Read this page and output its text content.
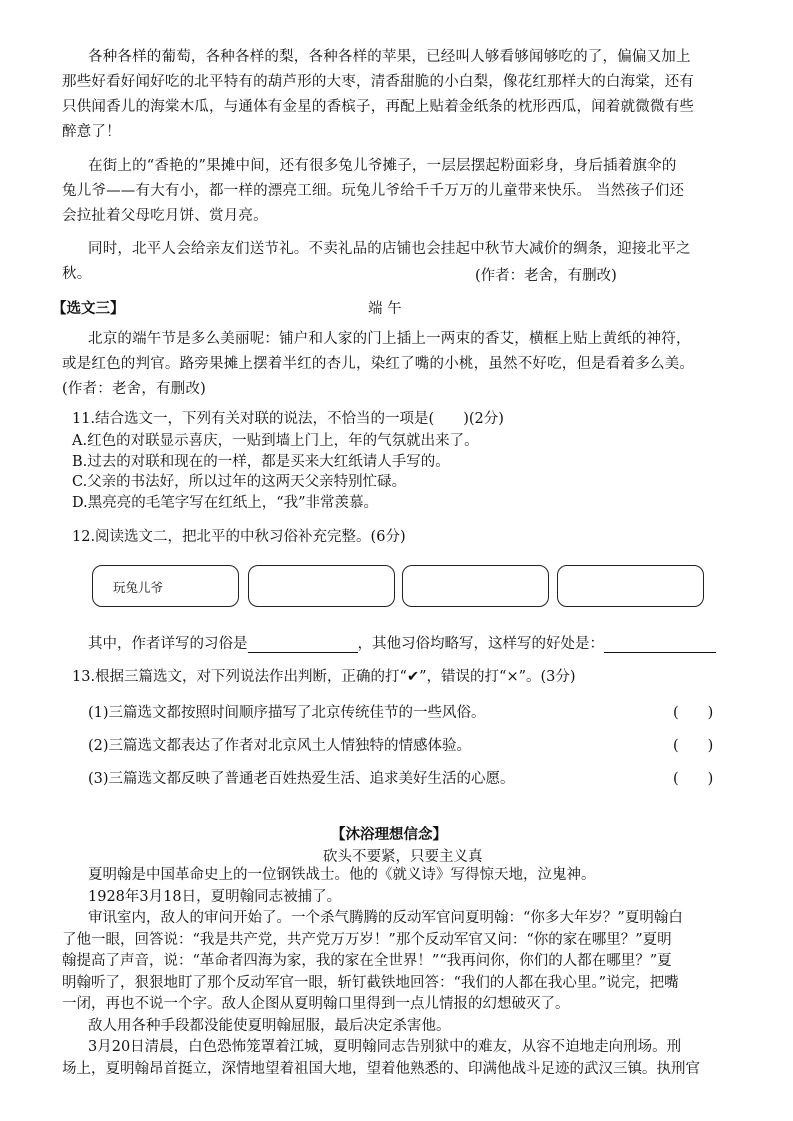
各种各样的葡萄，各种各样的梨，各种各样的苹果，已经叫人够看够闻够吃的了，偏偏又加上
那些好看好闻好吃的北平特有的葫芦形的大枣，清香甜脆的小白梨，像花红那样大的白海棠，还有
只供闻香儿的海棠木瓜，与通体有金星的香槟子，再配上贴着金纸条的枕形西瓜，闻着就微微有些
醉意了！
在街上的“香艳的”果摊中间，还有很多兔儿爷摊子，一层层摆起粉面彩身，身后插着旗伞的
兔儿爷——有大有小，都一样的漂亮工细。玩兔儿爷给千千万万的儿童带来快乐。 当然孩子们还
会拉扯着父母吃月饼、赏月亮。
同时，北平人会给亲友们送节礼。不卖礼品的店铺也会挂起中秋节大减价的绸条，迎接北平之
秋。	(作者：老舍，有删改)
【选文三】	端 午
北京的端午节是多么美丽呢：铺户和人家的门上插上一两束的香艾，横框上贴上黄纸的神符，
或是红色的判官。路旁果摊上摆着半红的杏儿，染红了嘴的小桃，虽然不好吃，但是看着多么美。
(作者：老舍，有删改)
11.结合选文一，下列有关对联的说法，不恰当的一项是(　　)(2分)
A.红色的对联显示喜庆，一贴到墙上门上，年的气氛就出来了。
B.过去的对联和现在的一样，都是买来大红纸请人手写的。
C.父亲的书法好，所以过年的这两天父亲特别忙碌。
D.黑亮亮的毛笔字写在红纸上，“我”非常羡慕。
12.阅读选文二，把北平的中秋习俗补充完整。(6分)
玩兔儿爷
其中，作者详写的习俗是	，其他习俗均略写，这样写的好处是：
13.根据三篇选文，对下列说法作出判断，正确的打“✔”，错误的打“×”。(3分)
(1)三篇选文都按照时间顺序描写了北京传统佳节的一些风俗。	(　　)
(2)三篇选文都表达了作者对北京风土人情独特的情感体验。	(　　)
(3)三篇选文都反映了普通老百姓热爱生活、追求美好生活的心愿。	(　　)
【沐浴理想信念】
砍头不要紧，只要主义真
夏明翰是中国革命史上的一位钢铁战士。他的《就义诗》写得惊天地，泣鬼神。
1928年3月18日，夏明翰同志被捕了。
审讯室内，敌人的审问开始了。一个杀气腾腾的反动军官问夏明翰：“你多大年岁？”夏明翰白
了他一眼，回答说：“我是共产党，共产党万万岁！”那个反动军官又问：“你的家在哪里？”夏明
翰提高了声音，说：“革命者四海为家，我的家在全世界！”“我再问你，你们的人都在哪里？”夏
明翰听了，狠狠地盯了那个反动军官一眼，斩钉截铁地回答：“我们的人都在我心里。”说完，把嘴
一闭，再也不说一个字。敌人企图从夏明翰口里得到一点儿情报的幻想破灭了。
敌人用各种手段都没能使夏明翰屈服，最后决定杀害他。
3月20日清晨，白色恐怖笼罩着江城，夏明翰同志告别狱中的难友，从容不迫地走向刑场。刑
场上，夏明翰昂首挺立，深情地望着祖国大地，望着他熟悉的、印满他战斗足迹的武汉三镇。执刑官
